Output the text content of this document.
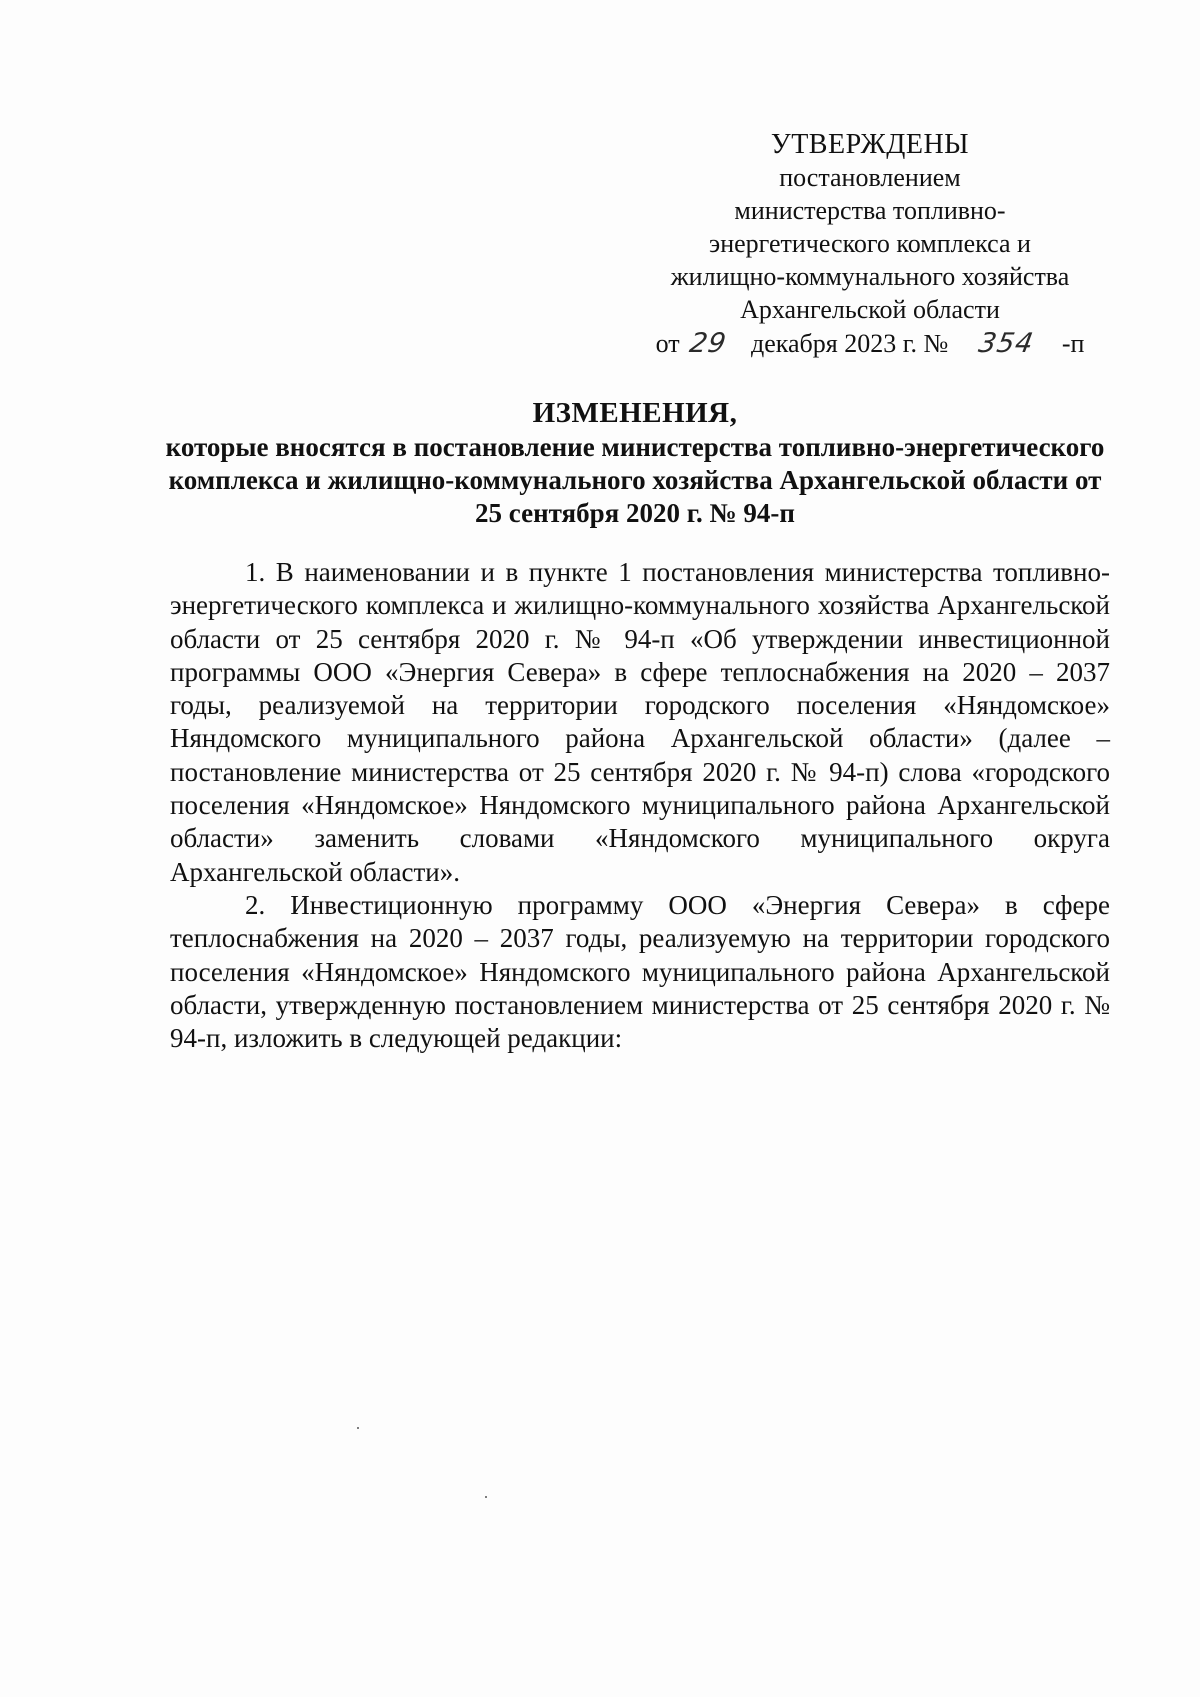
УТВЕРЖДЕНЫ
постановлением
министерства топливно-
энергетического комплекса и
жилищно-коммунального хозяйства
Архангельской области
от 29 декабря 2023 г. № 354 -п
ИЗМЕНЕНИЯ,
которые вносятся в постановление министерства топливно-энергетического комплекса и жилищно-коммунального хозяйства Архангельской области от 25 сентября 2020 г. № 94-п

1. В наименовании и в пункте 1 постановления министерства топливно-энергетического комплекса и жилищно-коммунального хозяйства Архангельской области от 25 сентября 2020 г. № 94-п «Об утверждении инвестиционной программы ООО «Энергия Севера» в сфере теплоснабжения на 2020 – 2037 годы, реализуемой на территории городского поселения «Няндомское» Няндомского муниципального района Архангельской области» (далее – постановление министерства от 25 сентября 2020 г. № 94-п) слова «городского поселения «Няндомское» Няндомского муниципального района Архангельской области» заменить словами «Няндомского муниципального округа Архангельской области».

2. Инвестиционную программу ООО «Энергия Севера» в сфере теплоснабжения на 2020 – 2037 годы, реализуемую на территории городского поселения «Няндомское» Няндомского муниципального района Архангельской области, утвержденную постановлением министерства от 25 сентября 2020 г. № 94-п, изложить в следующей редакции:
